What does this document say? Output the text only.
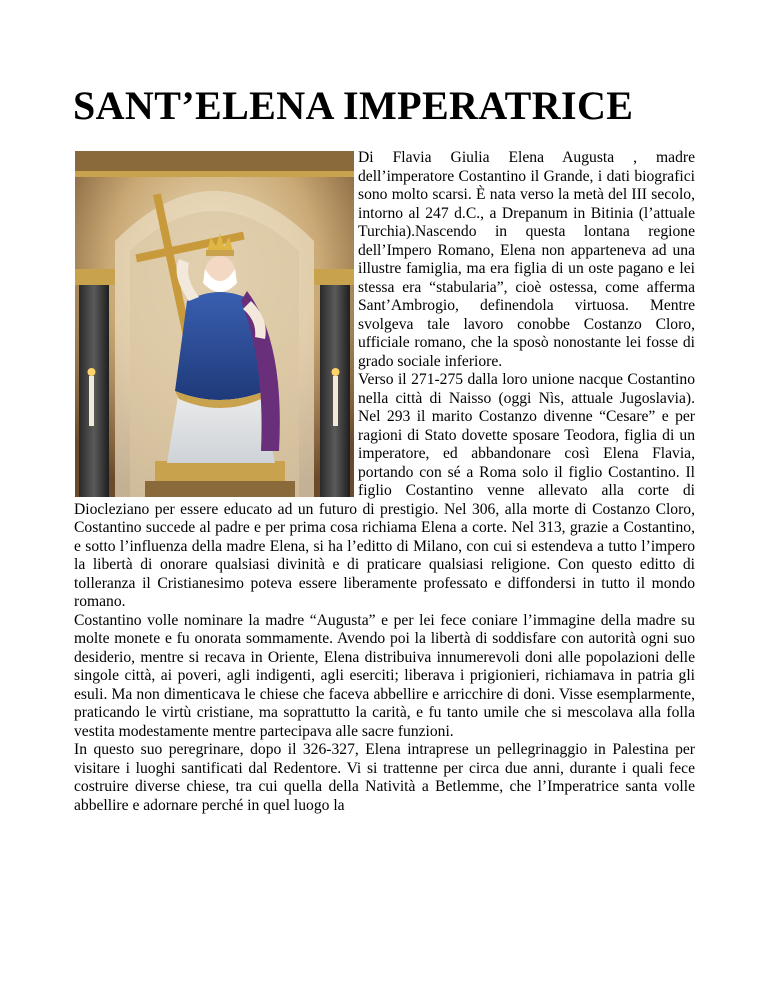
SANT’ELENA IMPERATRICE

Di Flavia Giulia Elena Augusta , madre dell’imperatore Costantino il Grande, i dati biografici sono molto scarsi. È nata verso la metà del III secolo, intorno al 247 d.C., a Drepanum in Bitinia (l’attuale Turchia).Nascendo in questa lontana regione dell’Impero Romano, Elena non apparteneva ad una illustre famiglia, ma era figlia di un oste pagano e lei stessa era “stabularia”, cioè ostessa, come afferma Sant’Ambrogio, definendola virtuosa. Mentre svolgeva tale lavoro conobbe Costanzo Cloro, ufficiale romano, che la sposò nonostante lei fosse di grado sociale inferiore.

Verso il 271-275 dalla loro unione nacque Costantino nella città di Naisso (oggi Nìs, attuale Jugoslavia). Nel 293 il marito Costanzo divenne “Cesare” e per ragioni di Stato dovette sposare Teodora, figlia di un imperatore, ed abbandonare così Elena Flavia, portando con sé a Roma solo il figlio Costantino. Il figlio Costantino venne allevato alla corte di Diocleziano per essere educato ad un futuro di prestigio. Nel 306, alla morte di Costanzo Cloro, Costantino succede al padre e per prima cosa richiama Elena a corte. Nel 313, grazie a Costantino, e sotto l’influenza della madre Elena, si ha l’editto di Milano, con cui si estendeva a tutto l’impero la libertà di onorare qualsiasi divinità e di praticare qualsiasi religione. Con questo editto di tolleranza il Cristianesimo poteva essere liberamente professato e diffondersi in tutto il mondo romano.

Costantino volle nominare la madre “Augusta” e per lei fece coniare l’immagine della madre su molte monete e fu onorata sommamente. Avendo poi la libertà di soddisfare con autorità ogni suo desiderio, mentre si recava in Oriente, Elena distribuiva innumerevoli doni alle popolazioni delle singole città, ai poveri, agli indigenti, agli eserciti; liberava i prigionieri, richiamava in patria gli esuli. Ma non dimenticava le chiese che faceva abbellire e arricchire di doni. Visse esemplarmente, praticando le virtù cristiane, ma soprattutto la carità, e fu tanto umile che si mescolava alla folla vestita modestamente mentre partecipava alle sacre funzioni.

In questo suo peregrinare, dopo il 326-327, Elena intraprese un pellegrinaggio in Palestina per visitare i luoghi santificati dal Redentore. Vi si trattenne per circa due anni, durante i quali fece costruire diverse chiese, tra cui quella della Natività a Betlemme, che l’Imperatrice santa volle abbellire e adornare perché in quel luogo la
